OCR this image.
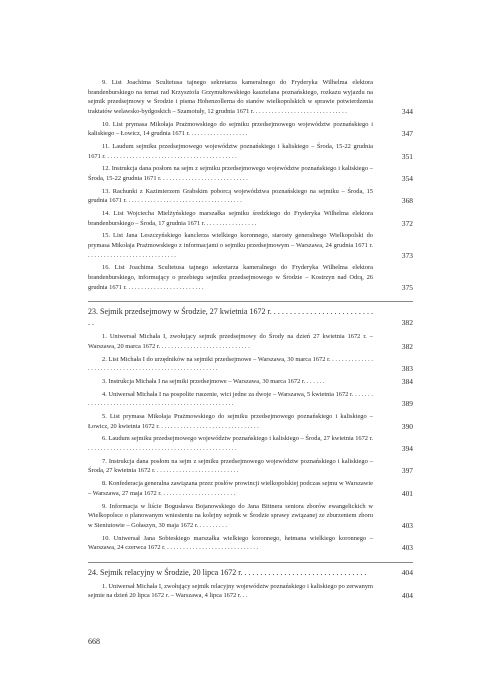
9. List Joachima Scultetusa tajnego sekretarza kameralnego do Fryderyka Wilhelma elektora brandenburskiego na temat rad Krzysztofa Grzymułtowskiego kasztelana poznańskiego, rozkazu wyjazdu na sejmik przedsejmowy w Środzie i pisma Hohenzollerna do stanów wielkopolskich w sprawie potwierdzenia traktatów welawsko-bydgoskich – Szamotuły, 12 grudnia 1671 r. . . . . . . . . . . . . . . . . . . . . . . . . . . . . .	344
10. List prymasa Mikołaja Prażmowskiego do sejmiku przedsejmowego województw poznańskiego i kaliskiego – Łowicz, 14 grudnia 1671 r. . . . . . . . . . . . . . . . . . .	347
11. Laudum sejmiku przedsejmowego województw poznańskiego i kaliskiego – Środa, 15-22 grudnia 1671 r. . . . . . . . . . . . . . . . . . . . . . . . . . . . . . . . . . . . . . . . . .	351
12. Instrukcja dana posłom na sejm z sejmiku przedsejmowego województw poznańskiego i kaliskiego – Środa, 15-22 grudnia 1671 r. . . . . . . . . . . . . . . . . . . . . . . . . . . .	354
13. Rachunki z Kazimierzem Grabskim poborcą województwa poznańskiego na sejmiku – Środa, 15 grudnia 1671 r. . . . . . . . . . . . . . . . . . . . . . . . . . . . . . . . . . . . .	368
14. List Wojciecha Mielżyńskiego marszałka sejmiku średzkiego do Fryderyka Wilhelma elektora brandenburskiego – Środa, 17 grudnia 1671 r. . . . . . . . . . . . . . . . .	372
15. List Jana Leszczyńskiego kanclerza wielkiego koronnego, starosty generalnego Wielkopolski do prymasa Mikołaja Prażmowskiego z informacjami o sejmiku przedsejmowym – Warszawa, 24 grudnia 1671 r. . . . . . . . . . . . . . . . . . . . . . . . . . . . .	373
16. List Joachima Scultetusa tajnego sekretarza kameralnego do Fryderyka Wilhelma elektora brandenburskiego, informujący o przebiegu sejmiku przedsejmowego w Środzie – Kostrzyn nad Odrą, 26 grudnia 1671 r. . . . . . . . . . . . . . . . . . . . . . . . .	375
23. Sejmik przedsejmowy w Środzie, 27 kwietnia 1672 r. . . . . . . . . . . . . . . . . . . . . . . . . . . .	382
1. Uniwersał Michała I, zwołujący sejmik przedsejmowy do Środy na dzień 27 kwietnia 1672 r. – Warszawa, 20 marca 1672 r. . . . . . . . . . . . . . . . . . . . . . . . . . . . .	382
2. List Michała I do urzędników na sejmiki przedsejmowe – Warszawa, 30 marca 1672 r. . . . . . . . . . . . . . . . . . . . . . . . . . . . . . . . . . . . . . . . . . . . . . . . . . . . . . .	383
3. Instrukcja Michała I na sejmiki przedsejmowe – Warszawa, 30 marca 1672 r. . . . . . .	384
4. Uniwersał Michała I na pospolite ruszenie, wici jedne za dwoje – Warszawa, 5 kwietnia 1672 r. . . . . . . . . . . . . . . . . . . . . . . . . . . . . . . . . . . . . . . . . . . . . . . . . . . . .	389
5. List prymasa Mikołaja Prażmowskiego do sejmiku przedsejmowego poznańskiego i kaliskiego – Łowicz, 20 kwietnia 1672 r. . . . . . . . . . . . . . . . . . . . . . . . . . . . . . . .	390
6. Laudum sejmiku przedsejmowego województw poznańskiego i kaliskiego – Środa, 27 kwietnia 1672 r. . . . . . . . . . . . . . . . . . . . . . . . . . . . . . . . . . . . . . . . . . . . . . . .	394
7. Instrukcja dana posłom na sejm z sejmiku przedsejmowego województw poznańskiego i kaliskiego – Środa, 27 kwietnia 1672 r. . . . . . . . . . . . . . . . . . . . . . . . . . .	397
8. Konfederacja generalna zawiązana przez posłów prowincji wielkopolskiej podczas sejmu w Warszawie – Warszawa, 27 maja 1672 r. . . . . . . . . . . . . . . . . . . . . . . .	401
9. Informacja w liście Bogusława Bojanowskiego do Jana Bittnera seniora zborów ewangelickich w Wielkopolsce o planowanym wniesieniu na kolejny sejmik w Środzie sprawy związanej ze zburzeniem zboru w Sieniutowie – Gołaszyn, 30 maja 1672 r. . . . . . . . . .	403
10. Uniwersał Jana Sobieskiego marszałka wielkiego koronnego, hetmana wielkiego koronnego – Warszawa, 24 czerwca 1672 r. . . . . . . . . . . . . . . . . . . . . . . . . . . . . .	403
24. Sejmik relacyjny w Środzie, 20 lipca 1672 r. . . . . . . . . . . . . . . . . . . . . . . . . . . . . . . .	404
1. Uniwersał Michała I, zwołujący sejmik relacyjny województw poznańskiego i kaliskiego po zerwanym sejmie na dzień 20 lipca 1672 r. – Warszawa, 4 lipca 1672 r. . .	404
668
